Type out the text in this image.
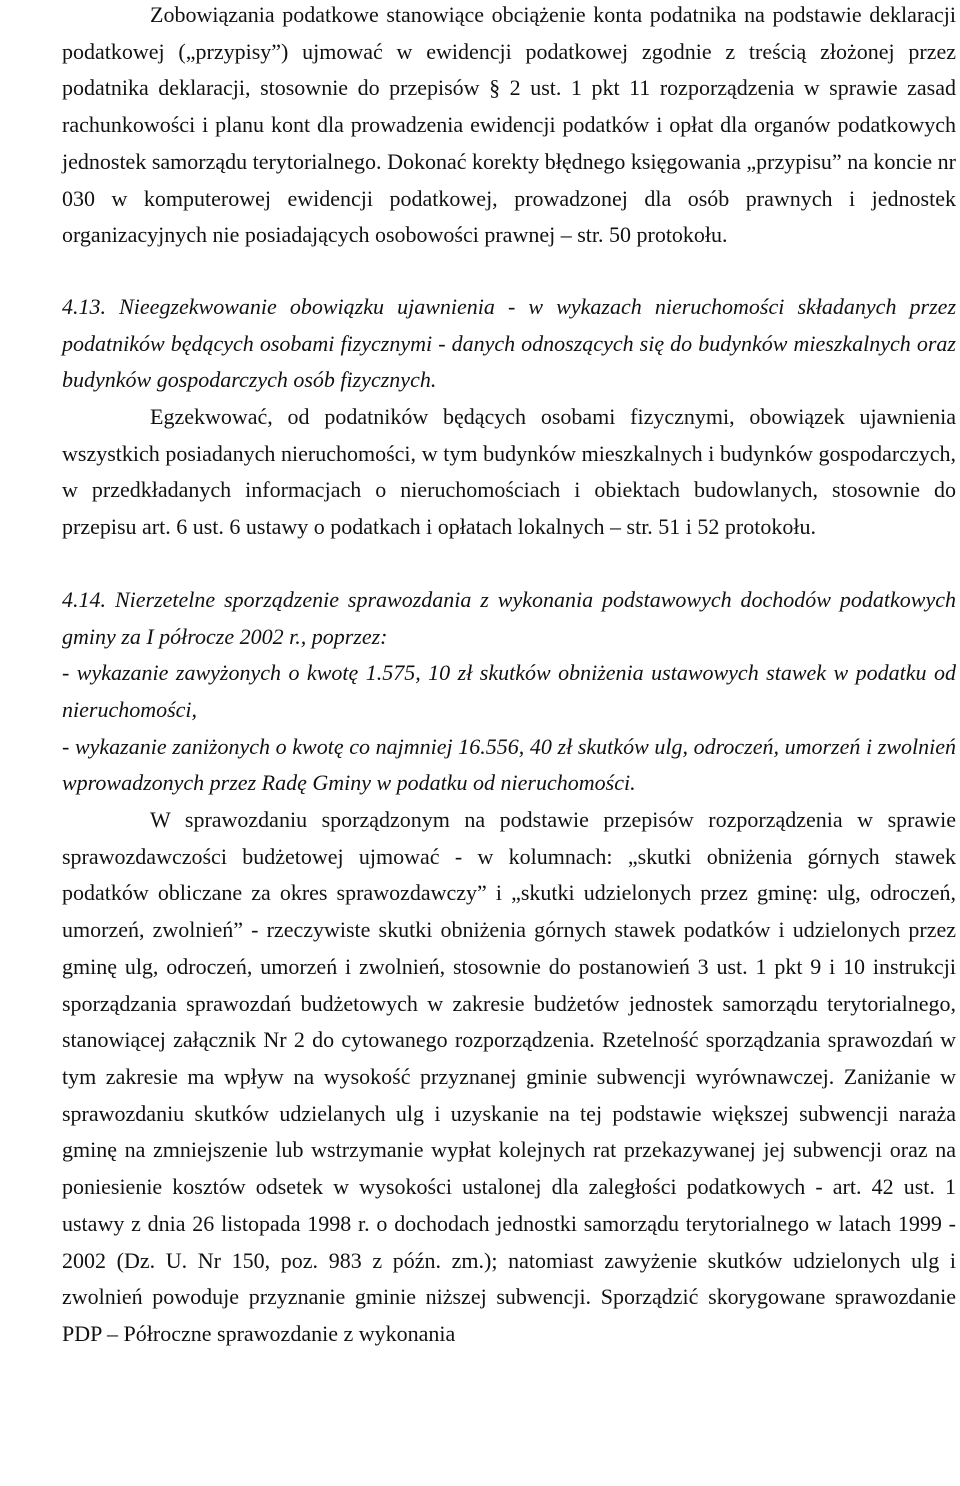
Zobowiązania podatkowe stanowiące obciążenie konta podatnika na podstawie deklaracji podatkowej („przypisy”) ujmować w ewidencji podatkowej zgodnie z treścią złożonej przez podatnika deklaracji, stosownie do przepisów § 2 ust. 1 pkt 11 rozporządzenia w sprawie zasad rachunkowości i planu kont dla prowadzenia ewidencji podatków i opłat dla organów podatkowych jednostek samorządu terytorialnego. Dokonać korekty błędnego księgowania „przypisu” na koncie nr 030 w komputerowej ewidencji podatkowej, prowadzonej dla osób prawnych i jednostek organizacyjnych nie posiadających osobowości prawnej – str. 50 protokołu.

4.13. Nieegzekwowanie obowiązku ujawnienia - w wykazach nieruchomości składanych przez podatników będących osobami fizycznymi - danych odnoszących się do budynków mieszkalnych oraz budynków gospodarczych osób fizycznych.

Egzekwować, od podatników będących osobami fizycznymi, obowiązek ujawnienia wszystkich posiadanych nieruchomości, w tym budynków mieszkalnych i budynków gospodarczych, w przedkładanych informacjach o nieruchomościach i obiektach budowlanych, stosownie do przepisu art. 6 ust. 6 ustawy o podatkach i opłatach lokalnych – str. 51 i 52 protokołu.

4.14. Nierzetelne sporządzenie sprawozdania z wykonania podstawowych dochodów podatkowych gminy za I półrocze 2002 r., poprzez:

- wykazanie zawyżonych o kwotę 1.575, 10 zł skutków obniżenia ustawowych stawek w podatku od nieruchomości,

- wykazanie zaniżonych o kwotę co najmniej 16.556, 40 zł skutków ulg, odroczeń, umorzeń i zwolnień wprowadzonych przez Radę Gminy w podatku od nieruchomości.

W sprawozdaniu sporządzonym na podstawie przepisów rozporządzenia w sprawie sprawozdawczości budżetowej ujmować - w kolumnach: „skutki obniżenia górnych stawek podatków obliczane za okres sprawozdawczy” i „skutki udzielonych przez gminę: ulg, odroczeń, umorzeń, zwolnień” - rzeczywiste skutki obniżenia górnych stawek podatków i udzielonych przez gminę ulg, odroczeń, umorzeń i zwolnień, stosownie do postanowień 3 ust. 1 pkt 9 i 10 instrukcji sporządzania sprawozdań budżetowych w zakresie budżetów jednostek samorządu terytorialnego, stanowiącej załącznik Nr 2 do cytowanego rozporządzenia. Rzetelność sporządzania sprawozdań w tym zakresie ma wpływ na wysokość przyznanej gminie subwencji wyrównawczej. Zaniżanie w sprawozdaniu skutków udzielanych ulg i uzyskanie na tej podstawie większej subwencji naraża gminę na zmniejszenie lub wstrzymanie wypłat kolejnych rat przekazywanej jej subwencji oraz na poniesienie kosztów odsetek w wysokości ustalonej dla zaległości podatkowych - art. 42 ust. 1 ustawy z dnia 26 listopada 1998 r. o dochodach jednostki samorządu terytorialnego w latach 1999 - 2002 (Dz. U. Nr 150, poz. 983 z późn. zm.); natomiast zawyżenie skutków udzielonych ulg i zwolnień powoduje przyznanie gminie niższej subwencji. Sporządzić skorygowane sprawozdanie PDP – Półroczne sprawozdanie z wykonania
